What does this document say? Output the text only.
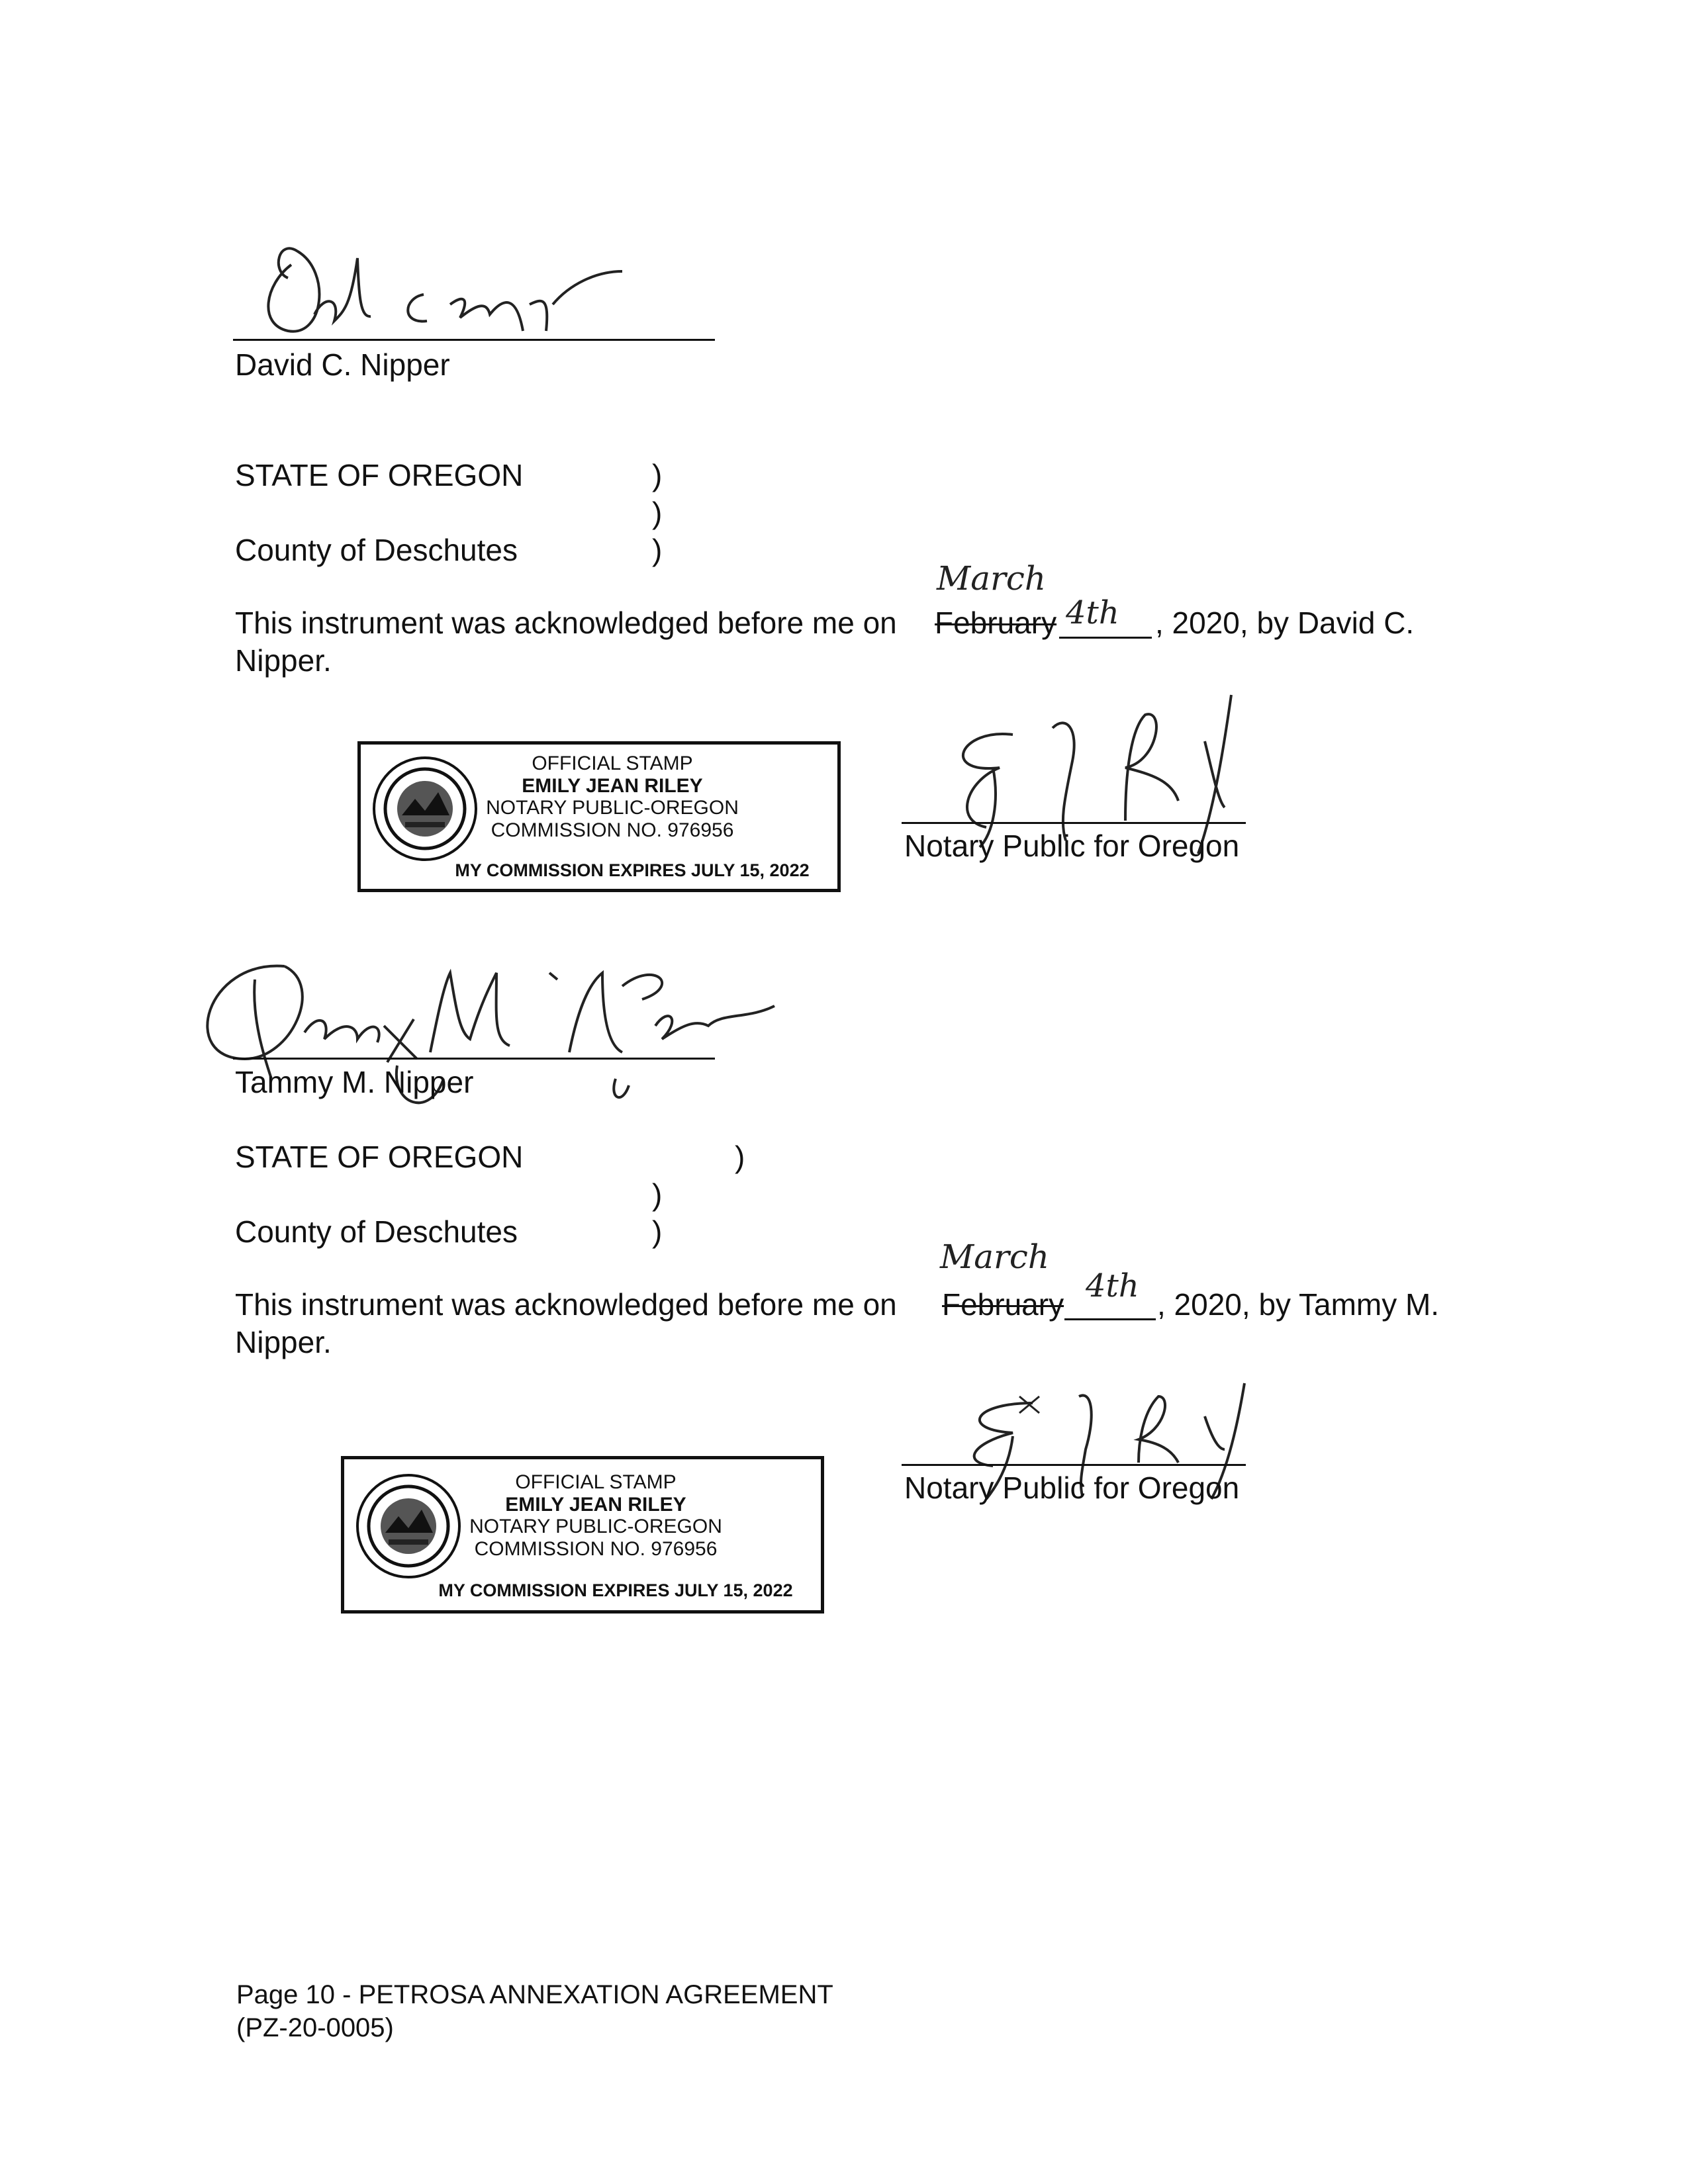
David C. Nipper
STATE OF OREGON	)
)
County of Deschutes	)
March
This instrument was acknowledged before me on February 4th , 2020, by David C.
Nipper.
OFFICIAL STAMP
EMILY JEAN RILEY
NOTARY PUBLIC-OREGON
COMMISSION NO. 976956
MY COMMISSION EXPIRES JULY 15, 2022
Notary Public for Oregon
Tammy M. Nipper
STATE OF OREGON	)
)
County of Deschutes	)
March
This instrument was acknowledged before me on February 4th , 2020, by Tammy M.
Nipper.
Notary Public for Oregon
OFFICIAL STAMP
EMILY JEAN RILEY
NOTARY PUBLIC-OREGON
COMMISSION NO. 976956
MY COMMISSION EXPIRES JULY 15, 2022
Page 10 - PETROSA ANNEXATION AGREEMENT
(PZ-20-0005)
